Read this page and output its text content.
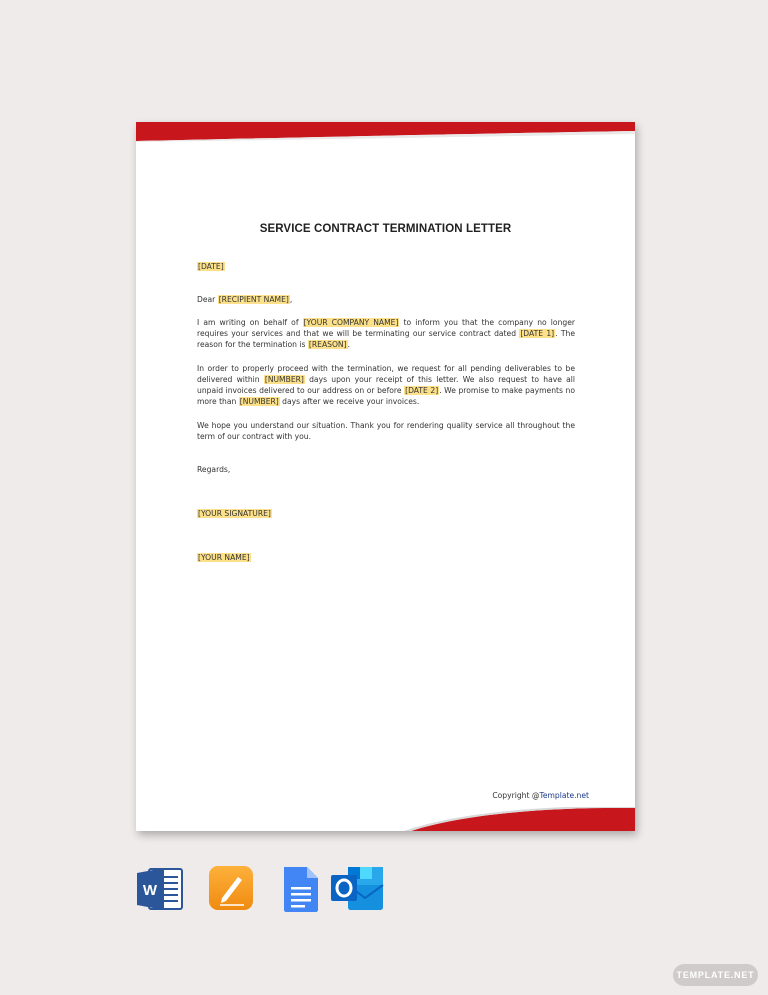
SERVICE CONTRACT TERMINATION LETTER
[DATE]
Dear [RECIPIENT NAME],
I am writing on behalf of [YOUR COMPANY NAME] to inform you that the company no longer requires your services and that we will be terminating our service contract dated [DATE 1]. The reason for the termination is [REASON].
In order to properly proceed with the termination, we request for all pending deliverables to be delivered within [NUMBER] days upon your receipt of this letter. We also request to have all unpaid invoices delivered to our address on or before [DATE 2]. We promise to make payments no more than [NUMBER] days after we receive your invoices.
We hope you understand our situation. Thank you for rendering quality service all throughout the term of our contract with you.
Regards,
[YOUR SIGNATURE]
[YOUR NAME]
Copyright @Template.net
W
TEMPLATE.NET
